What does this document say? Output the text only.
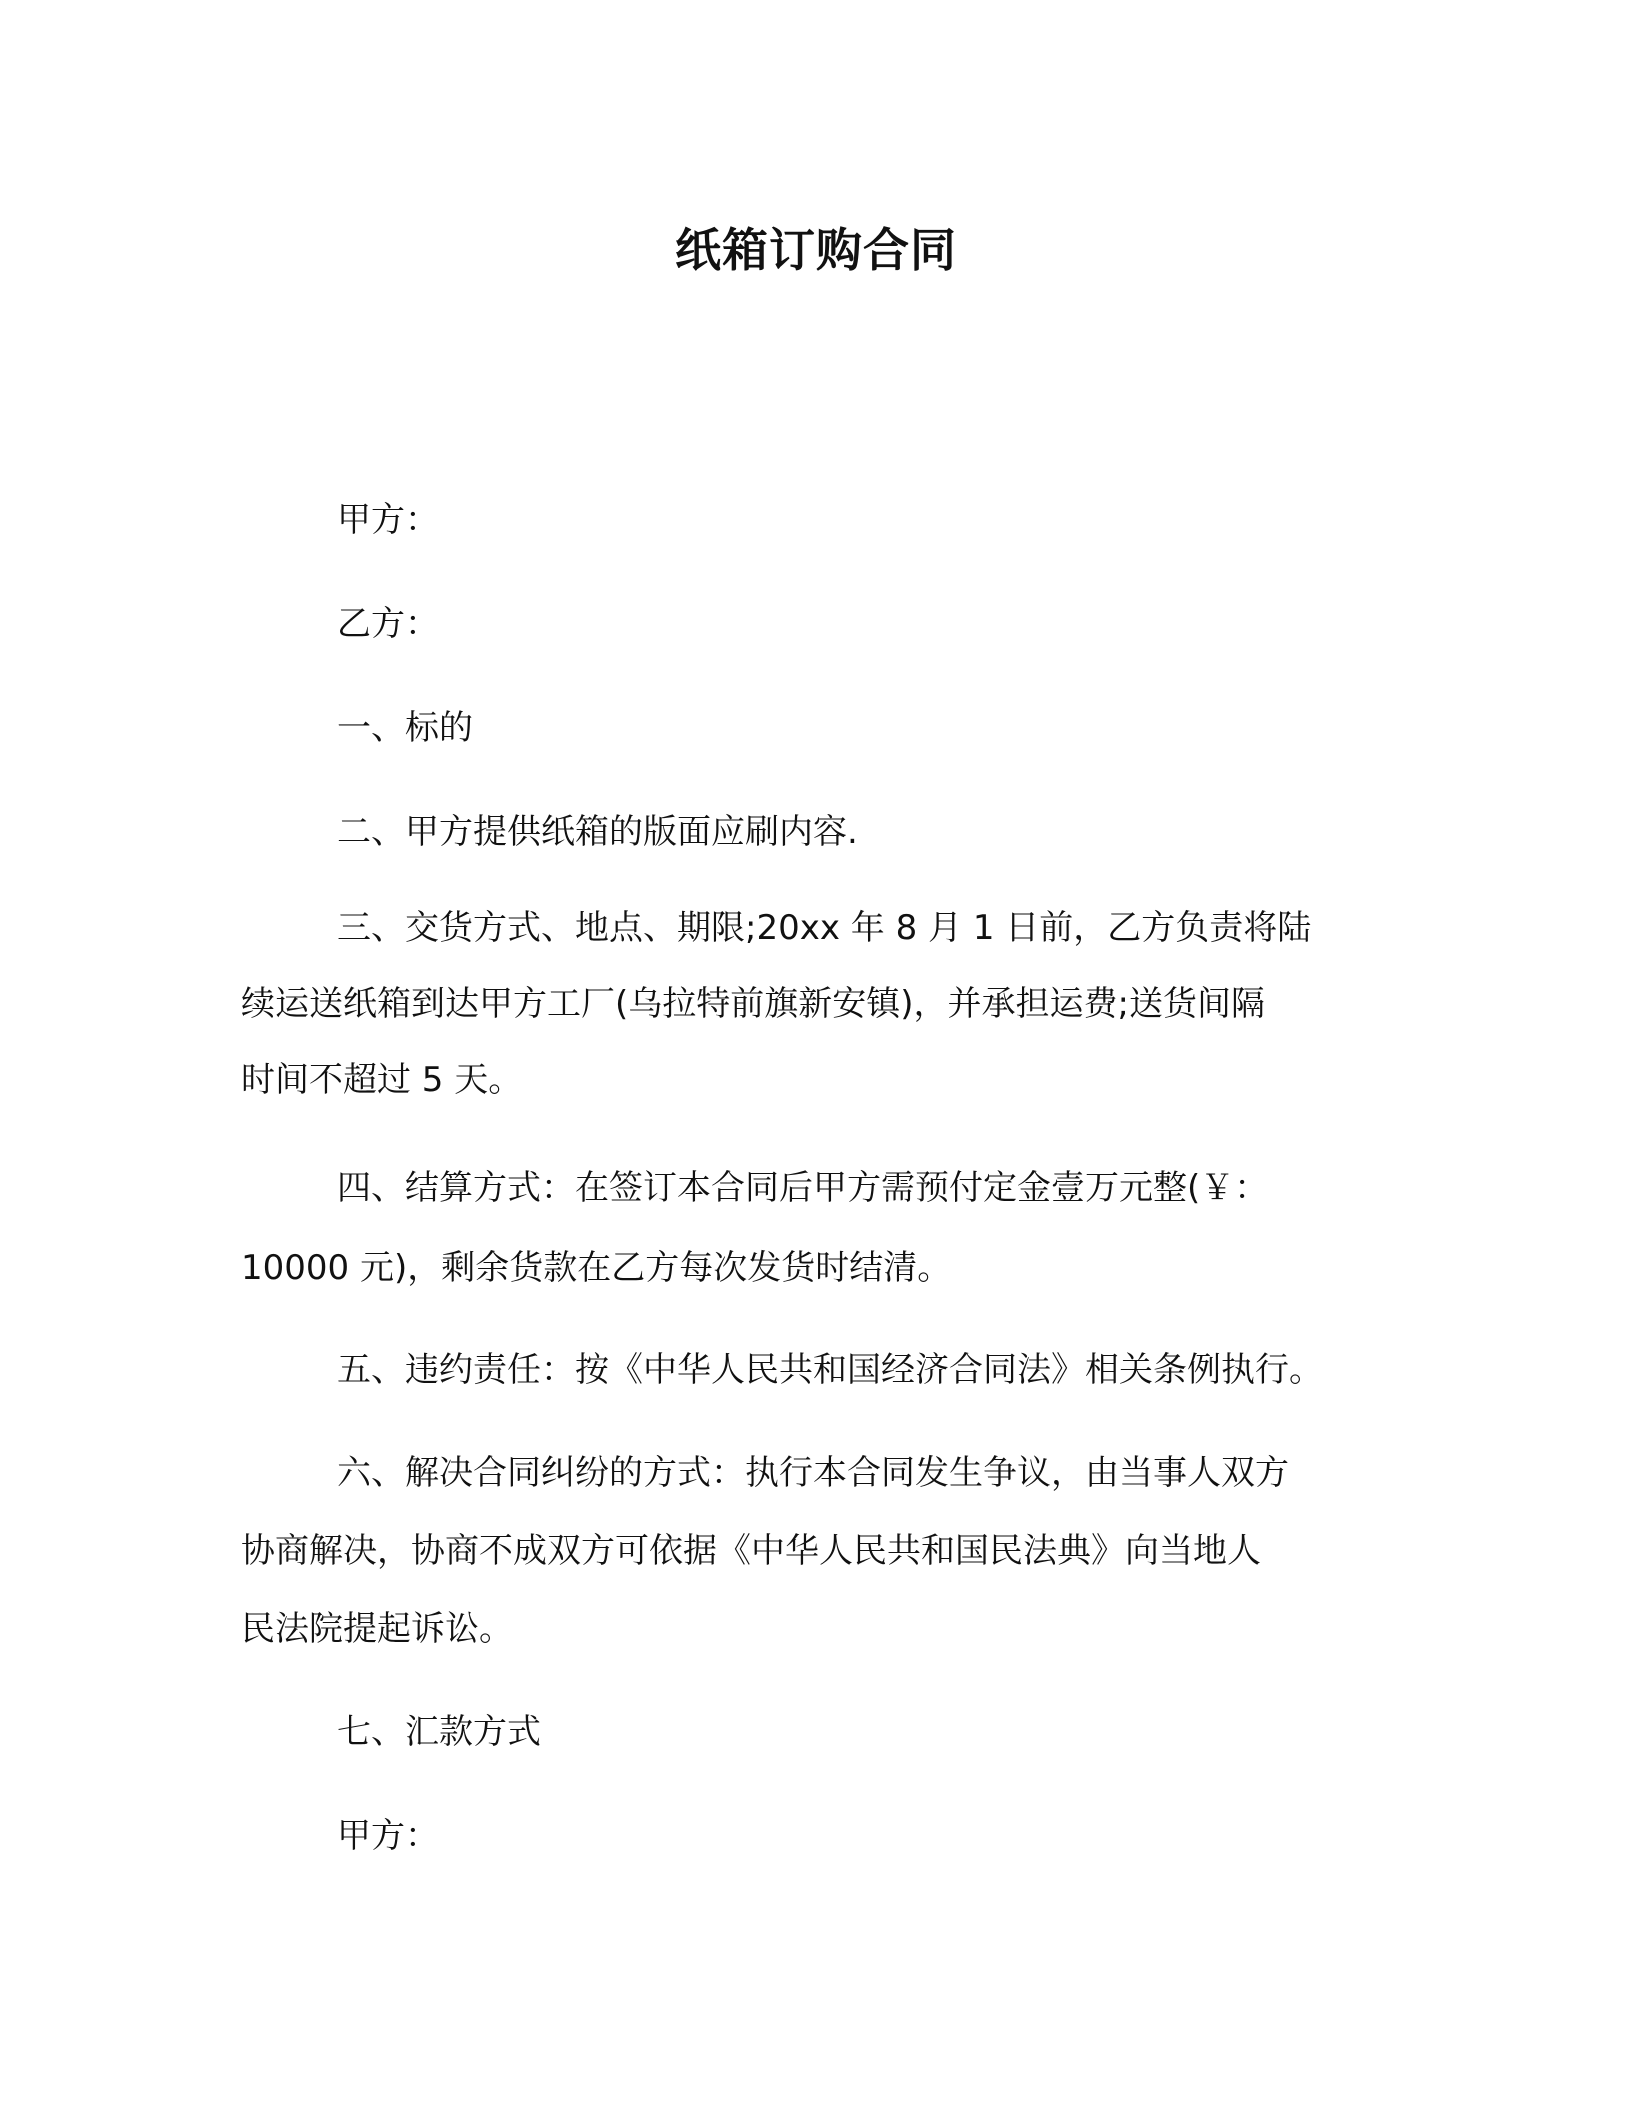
纸箱订购合同
甲方：
乙方：
一、标的
二、甲方提供纸箱的版面应刷内容.
三、交货方式、地点、期限;20xx 年 8 月 1 日前，乙方负责将陆
续运送纸箱到达甲方工厂(乌拉特前旗新安镇)，并承担运费;送货间隔
时间不超过 5 天。
四、结算方式：在签订本合同后甲方需预付定金壹万元整(￥：
10000 元)，剩余货款在乙方每次发货时结清。
五、违约责任：按《中华人民共和国经济合同法》相关条例执行。
六、解决合同纠纷的方式：执行本合同发生争议，由当事人双方
协商解决，协商不成双方可依据《中华人民共和国民法典》向当地人
民法院提起诉讼。
七、汇款方式
甲方：
